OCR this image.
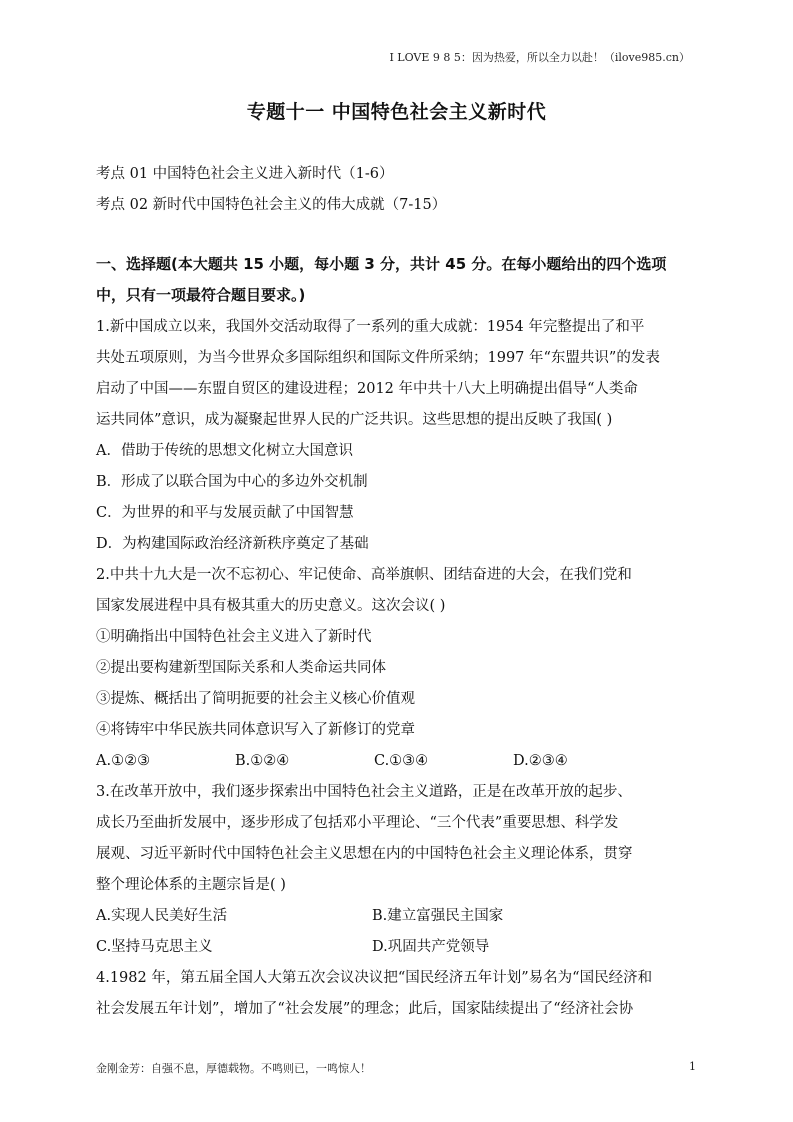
I LOVE 9 8 5：因为热爱，所以全力以赴！（ilove985.cn）
专题十一 中国特色社会主义新时代
考点 01 中国特色社会主义进入新时代（1-6）
考点 02 新时代中国特色社会主义的伟大成就（7-15）
一、选择题(本大题共 15 小题，每小题 3 分，共计 45 分。在每小题给出的四个选项
中，只有一项最符合题目要求。)
1.新中国成立以来，我国外交活动取得了一系列的重大成就：1954 年完整提出了和平
共处五项原则，为当今世界众多国际组织和国际文件所采纳；1997 年“东盟共识”的发表
启动了中国——东盟自贸区的建设进程；2012 年中共十八大上明确提出倡导“人类命
运共同体”意识，成为凝聚起世界人民的广泛共识。这些思想的提出反映了我国( )
A．借助于传统的思想文化树立大国意识
B．形成了以联合国为中心的多边外交机制
C．为世界的和平与发展贡献了中国智慧
D．为构建国际政治经济新秩序奠定了基础
2.中共十九大是一次不忘初心、牢记使命、高举旗帜、团结奋进的大会，在我们党和
国家发展进程中具有极其重大的历史意义。这次会议( )
①明确指出中国特色社会主义进入了新时代
②提出要构建新型国际关系和人类命运共同体
③提炼、概括出了简明扼要的社会主义核心价值观
④将铸牢中华民族共同体意识写入了新修订的党章
A.①②③	B.①②④	C.①③④	D.②③④
3.在改革开放中，我们逐步探索出中国特色社会主义道路，正是在改革开放的起步、
成长乃至曲折发展中，逐步形成了包括邓小平理论、“三个代表”重要思想、科学发
展观、习近平新时代中国特色社会主义思想在内的中国特色社会主义理论体系，贯穿
整个理论体系的主题宗旨是( )
A.实现人民美好生活	B.建立富强民主国家
C.坚持马克思主义	D.巩固共产党领导
4.1982 年，第五届全国人大第五次会议决议把“国民经济五年计划”易名为“国民经济和
社会发展五年计划”，增加了“社会发展”的理念；此后，国家陆续提出了“经济社会协
金刚金芳：自强不息，厚德载物。不鸣则已，一鸣惊人！	1
